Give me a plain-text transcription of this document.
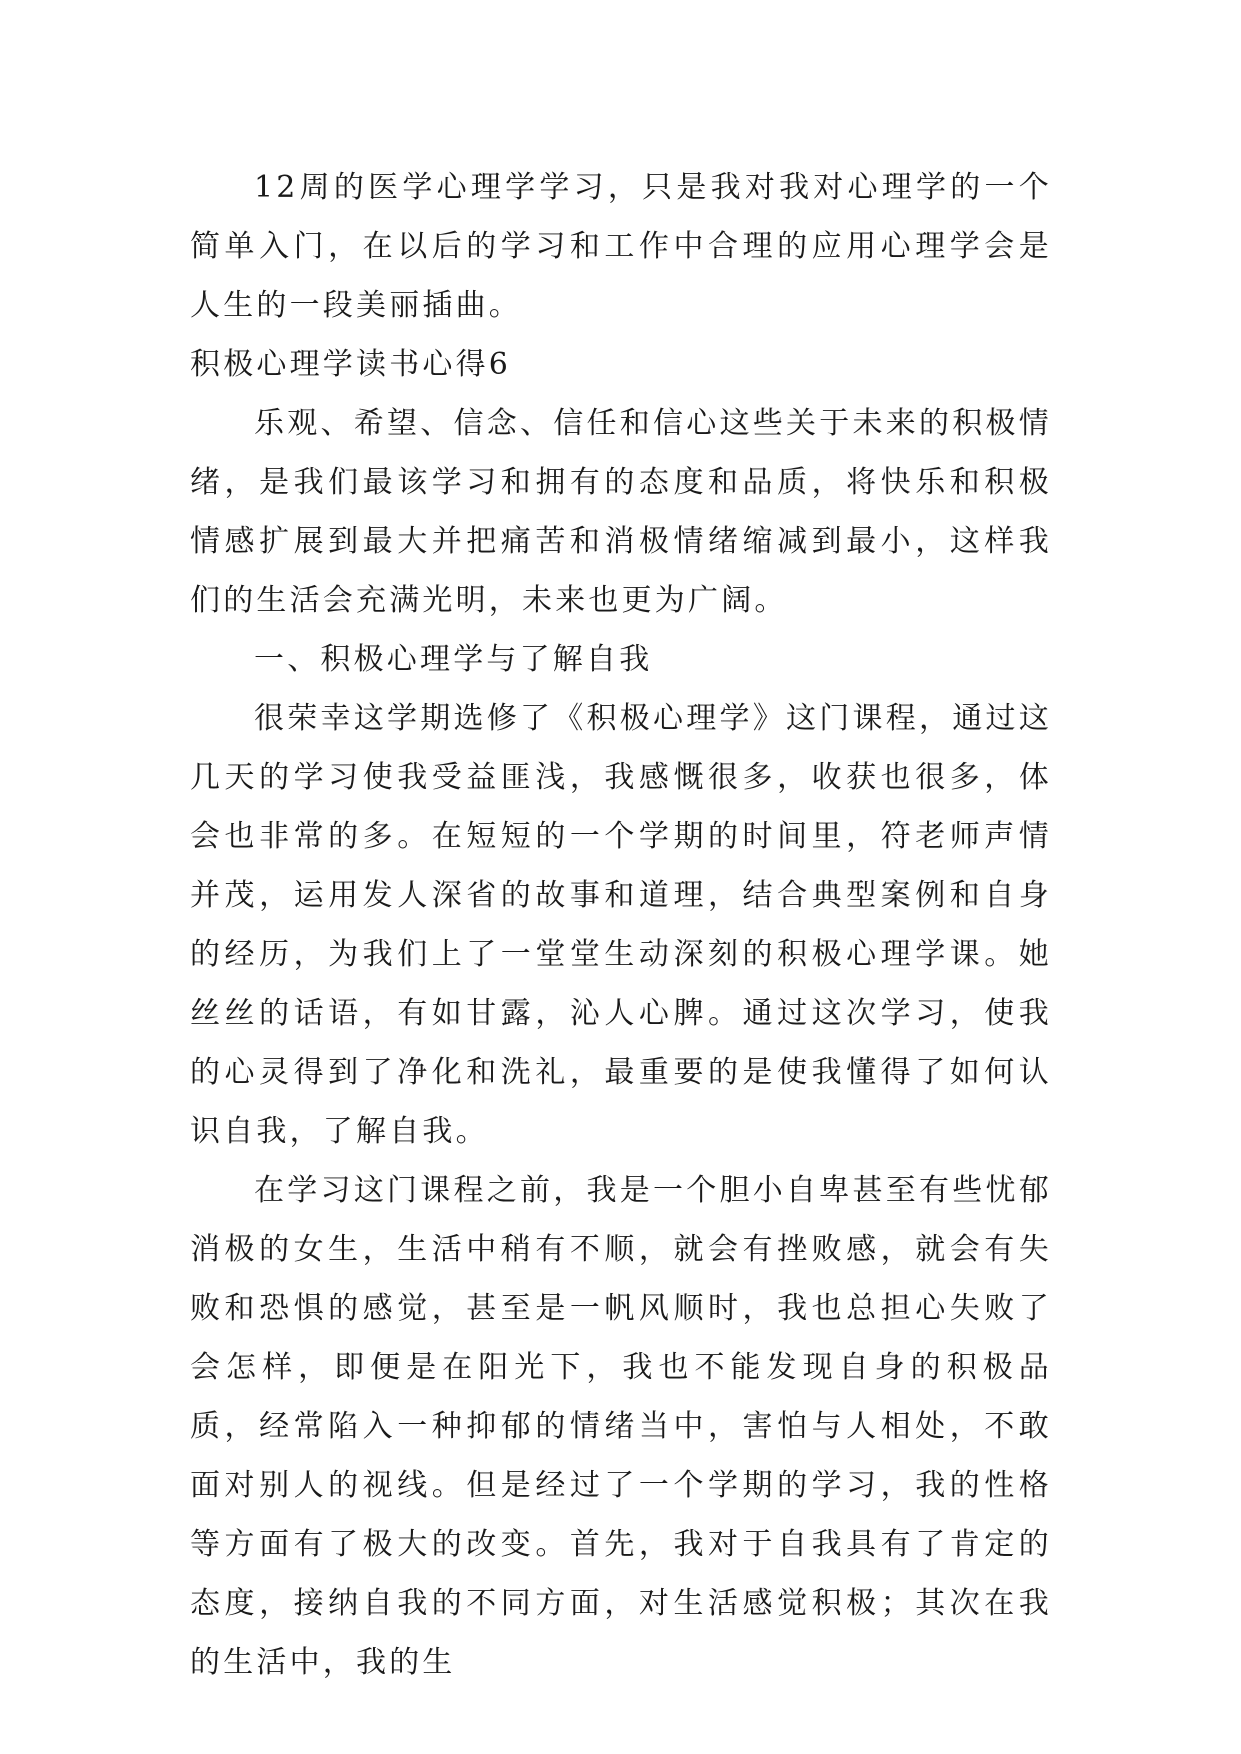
12周的医学心理学学习，只是我对我对心理学的一个简单入门，在以后的学习和工作中合理的应用心理学会是人生的一段美丽插曲。

积极心理学读书心得6

乐观、希望、信念、信任和信心这些关于未来的积极情绪，是我们最该学习和拥有的态度和品质，将快乐和积极情感扩展到最大并把痛苦和消极情绪缩减到最小，这样我们的生活会充满光明，未来也更为广阔。

一、积极心理学与了解自我

很荣幸这学期选修了《积极心理学》这门课程，通过这几天的学习使我受益匪浅，我感慨很多，收获也很多，体会也非常的多。在短短的一个学期的时间里，符老师声情并茂，运用发人深省的故事和道理，结合典型案例和自身的经历，为我们上了一堂堂生动深刻的积极心理学课。她丝丝的话语，有如甘露，沁人心脾。通过这次学习，使我的心灵得到了净化和洗礼，最重要的是使我懂得了如何认识自我，了解自我。

在学习这门课程之前，我是一个胆小自卑甚至有些忧郁消极的女生，生活中稍有不顺，就会有挫败感，就会有失败和恐惧的感觉，甚至是一帆风顺时，我也总担心失败了会怎样，即便是在阳光下，我也不能发现自身的积极品质，经常陷入一种抑郁的情绪当中，害怕与人相处，不敢面对别人的视线。但是经过了一个学期的学习，我的性格等方面有了极大的改变。首先，我对于自我具有了肯定的态度，接纳自我的不同方面，对生活感觉积极；其次在我的生活中，我的生
